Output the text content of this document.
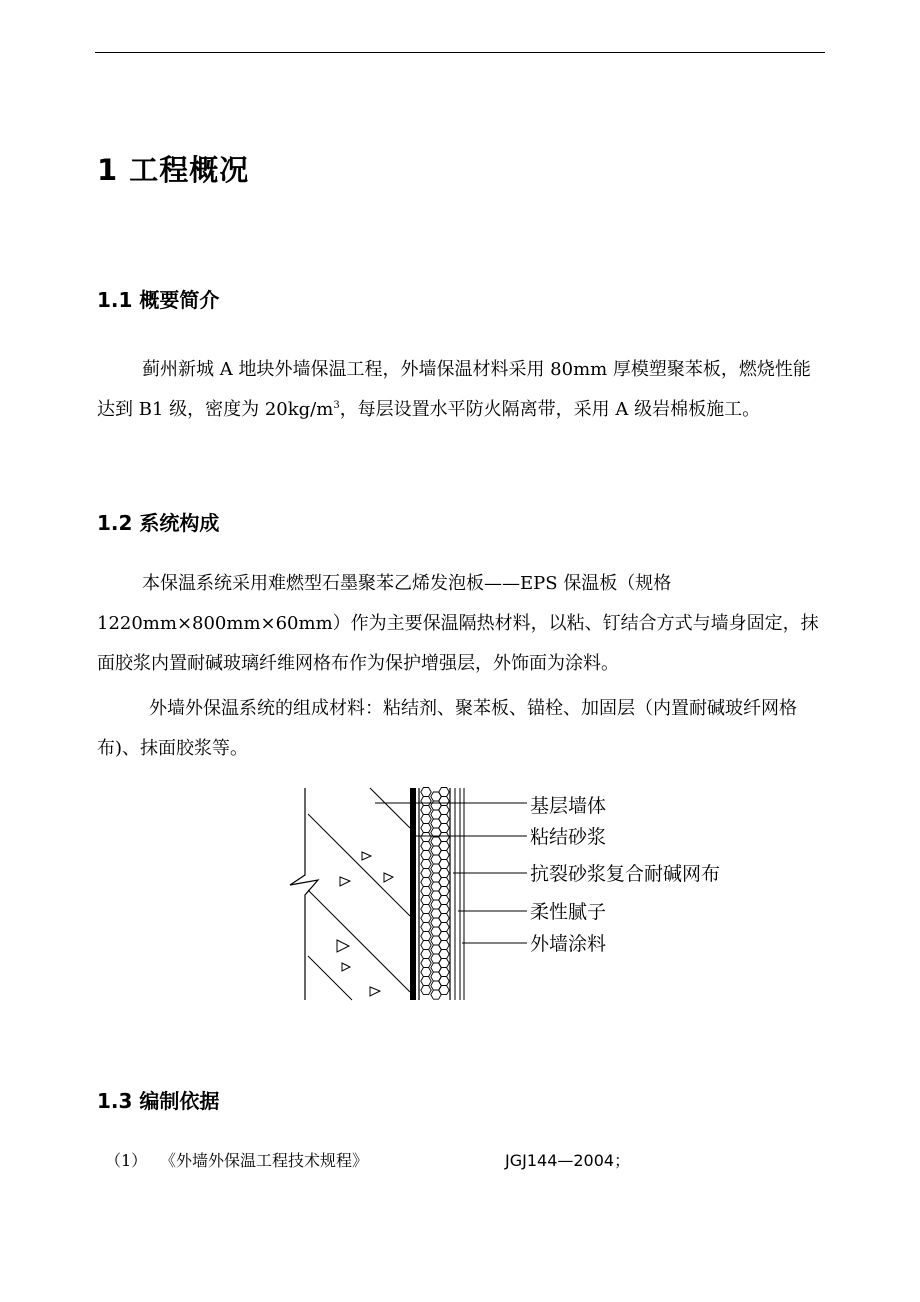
1 工程概况
1.1 概要简介
蓟州新城 A 地块外墙保温工程，外墙保温材料采用 80mm 厚模塑聚苯板，燃烧性能达到 B1 级，密度为 $20kg/m^3$，每层设置水平防火隔离带，采用 A 级岩棉板施工。
1.2 系统构成
本保温系统采用难燃型石墨聚苯乙烯发泡板——EPS 保温板（规格 1220mm×800mm×60mm）作为主要保温隔热材料，以粘、钉结合方式与墙身固定，抹面胶浆内置耐碱玻璃纤维网格布作为保护增强层，外饰面为涂料。
外墙外保温系统的组成材料：粘结剂、聚苯板、锚栓、加固层（内置耐碱玻纤网格布)、抹面胶浆等。
基层墙体
粘结砂浆
抗裂砂浆复合耐碱网布
柔性腻子
外墙涂料
1.3 编制依据
（1） 《外墙外保温工程技术规程》	JGJ144—2004；
